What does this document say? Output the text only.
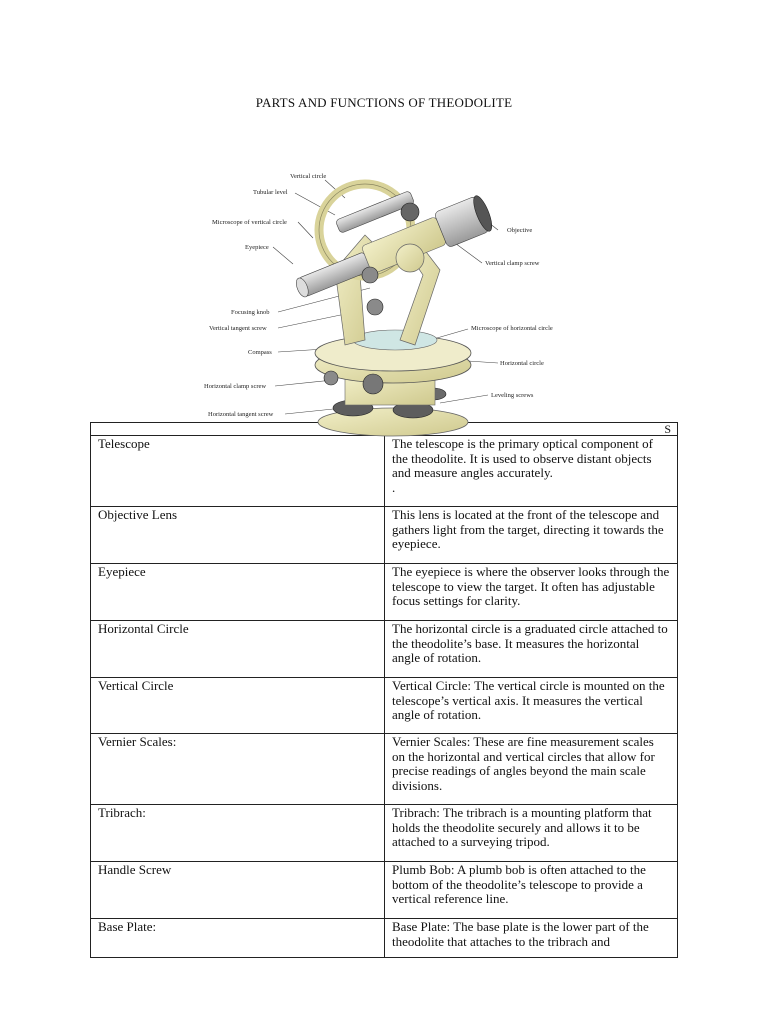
PARTS AND FUNCTIONS OF THEODOLITE
	S
Telescope	The telescope is the primary optical component of the theodolite. It is used to observe distant objects and measure angles accurately.
.
Objective Lens	This lens is located at the front of the telescope and gathers light from the target, directing it towards the eyepiece.
Eyepiece	The eyepiece is where the observer looks through the telescope to view the target. It often has adjustable focus settings for clarity.
Horizontal Circle	The horizontal circle is a graduated circle attached to the theodolite’s base. It measures the horizontal angle of rotation.
Vertical Circle	Vertical Circle: The vertical circle is mounted on the telescope’s vertical axis. It measures the vertical angle of rotation.
Vernier Scales:	Vernier Scales: These are fine measurement scales on the horizontal and vertical circles that allow for precise readings of angles beyond the main scale divisions.
Tribrach:	Tribrach: The tribrach is a mounting platform that holds the theodolite securely and allows it to be attached to a surveying tripod.
Handle Screw	Plumb Bob: A plumb bob is often attached to the bottom of the theodolite’s telescope to provide a vertical reference line.
Base Plate:	Base Plate: The base plate is the lower part of the theodolite that attaches to the tribrach and
Vertical circle
Tubular level
Microscope of vertical circle
Eyepiece
Objective
Vertical clamp screw
Focusing knob
Vertical tangent screw	Microscope of horizontal circle
Compass
Horizontal circle
Horizontal clamp screw
Leveling screws
Horizontal tangent screw
